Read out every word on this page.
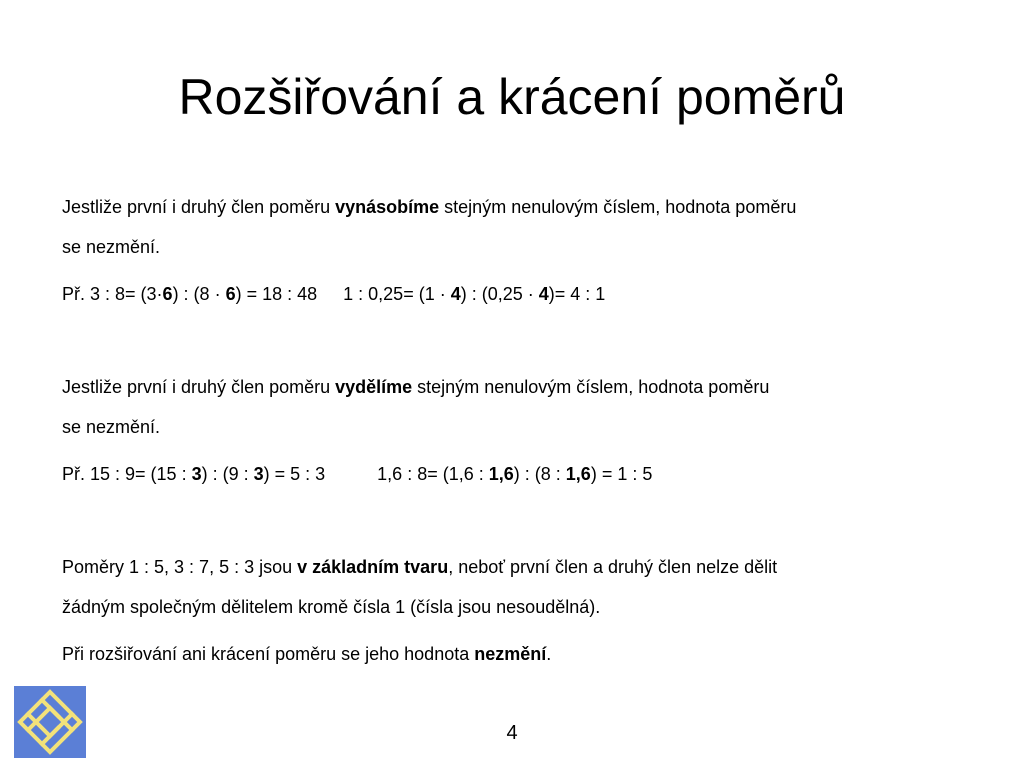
Rozšiřování a krácení poměrů
Jestliže první i druhý člen poměru vynásobíme stejným nenulovým číslem, hodnota poměru
se nezmění.
Př. 3 : 8= (3·6) : (8 · 6) = 18 : 48 1 : 0,25= (1 · 4) : (0,25 · 4)= 4 : 1
Jestliže první i druhý člen poměru vydělíme stejným nenulovým číslem, hodnota poměru
se nezmění.
Př. 15 : 9= (15 : 3) : (9 : 3) = 5 : 3	1,6 : 8= (1,6 : 1,6) : (8 : 1,6) = 1 : 5
Poměry 1 : 5, 3 : 7, 5 : 3 jsou v základním tvaru, neboť první člen a druhý člen nelze dělit
žádným společným dělitelem kromě čísla 1 (čísla jsou nesoudělná).
Při rozšiřování ani krácení poměru se jeho hodnota nezmění.
4
